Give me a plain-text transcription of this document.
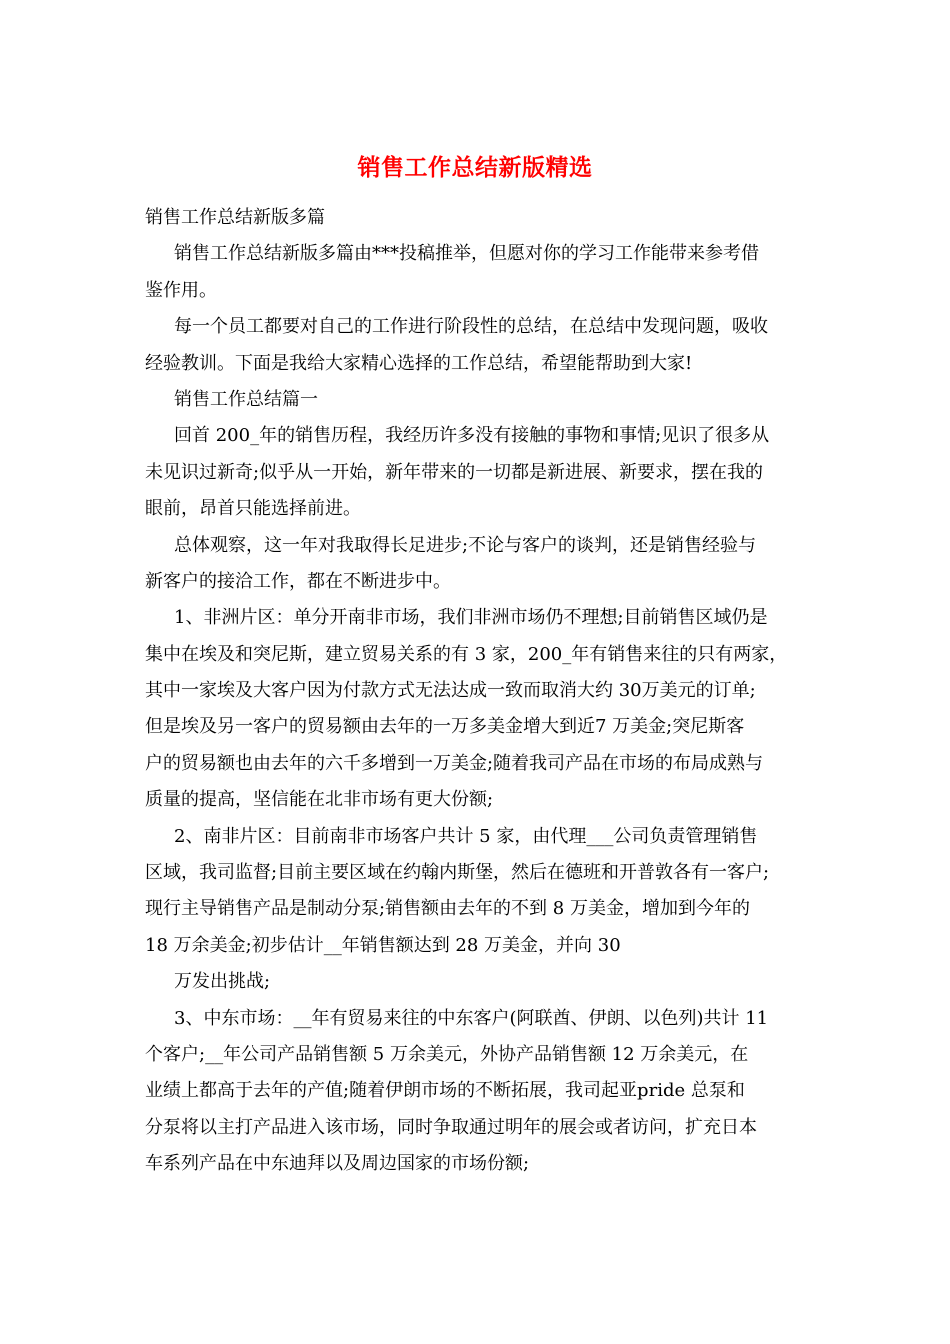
销售工作总结新版精选
销售工作总结新版多篇
销售工作总结新版多篇由***投稿推举，但愿对你的学习工作能带来参考借
鉴作用。
每一个员工都要对自己的工作进行阶段性的总结，在总结中发现问题，吸收
经验教训。下面是我给大家精心选择的工作总结，希望能帮助到大家!
销售工作总结篇一
回首 200_年的销售历程，我经历许多没有接触的事物和事情;见识了很多从
未见识过新奇;似乎从一开始，新年带来的一切都是新进展、新要求，摆在我的
眼前，昂首只能选择前进。
总体观察，这一年对我取得长足进步;不论与客户的谈判，还是销售经验与
新客户的接洽工作，都在不断进步中。
1、非洲片区：单分开南非市场，我们非洲市场仍不理想;目前销售区域仍是
集中在埃及和突尼斯，建立贸易关系的有 3 家，200_年有销售来往的只有两家，
其中一家埃及大客户因为付款方式无法达成一致而取消大约 30万美元的订单;
但是埃及另一客户的贸易额由去年的一万多美金增大到近7 万美金;突尼斯客
户的贸易额也由去年的六千多增到一万美金;随着我司产品在市场的布局成熟与
质量的提高，坚信能在北非市场有更大份额;
2、南非片区：目前南非市场客户共计 5 家，由代理___公司负责管理销售
区域，我司监督;目前主要区域在约翰内斯堡，然后在德班和开普敦各有一客户;
现行主导销售产品是制动分泵;销售额由去年的不到 8 万美金，增加到今年的
18 万余美金;初步估计__年销售额达到 28 万美金，并向 30
万发出挑战;
3、中东市场：__年有贸易来往的中东客户(阿联酋、伊朗、以色列)共计 11
个客户;__年公司产品销售额 5 万余美元，外协产品销售额 12 万余美元，在
业绩上都高于去年的产值;随着伊朗市场的不断拓展，我司起亚pride 总泵和
分泵将以主打产品进入该市场，同时争取通过明年的展会或者访问，扩充日本
车系列产品在中东迪拜以及周边国家的市场份额;
